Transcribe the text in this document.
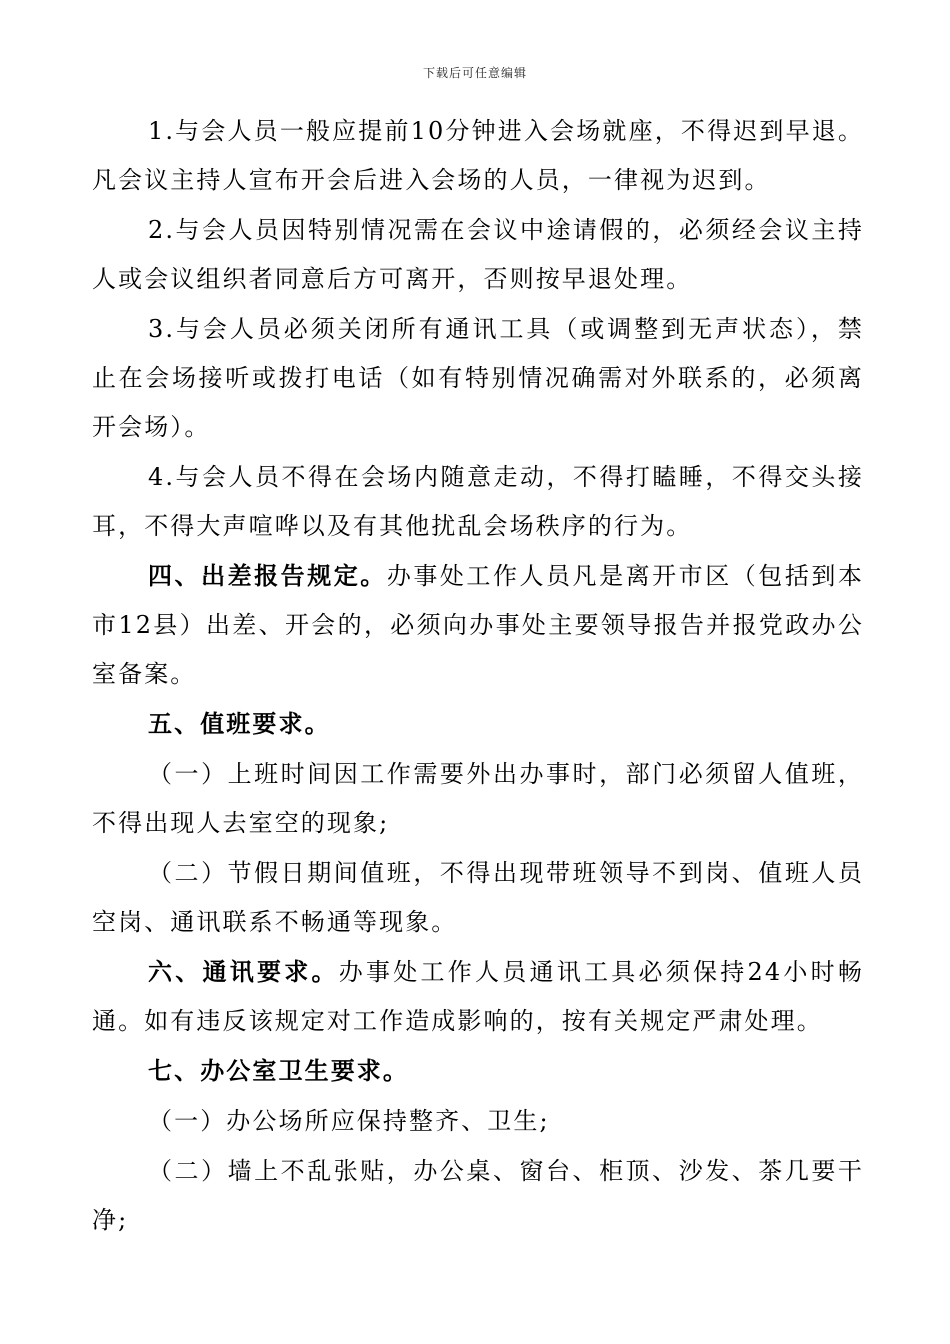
下载后可任意编辑

1.与会人员一般应提前10分钟进入会场就座，不得迟到早退。凡会议主持人宣布开会后进入会场的人员，一律视为迟到。

2.与会人员因特别情况需在会议中途请假的，必须经会议主持人或会议组织者同意后方可离开，否则按早退处理。

3.与会人员必须关闭所有通讯工具（或调整到无声状态），禁止在会场接听或拨打电话（如有特别情况确需对外联系的，必须离开会场）。

4.与会人员不得在会场内随意走动，不得打瞌睡，不得交头接耳，不得大声喧哗以及有其他扰乱会场秩序的行为。

四、出差报告规定。办事处工作人员凡是离开市区（包括到本市12县）出差、开会的，必须向办事处主要领导报告并报党政办公室备案。

五、值班要求。

（一）上班时间因工作需要外出办事时，部门必须留人值班，不得出现人去室空的现象;

（二）节假日期间值班，不得出现带班领导不到岗、值班人员空岗、通讯联系不畅通等现象。

六、通讯要求。办事处工作人员通讯工具必须保持24小时畅通。如有违反该规定对工作造成影响的，按有关规定严肃处理。

七、办公室卫生要求。

（一）办公场所应保持整齐、卫生;

（二）墙上不乱张贴，办公桌、窗台、柜顶、沙发、茶几要干净;
